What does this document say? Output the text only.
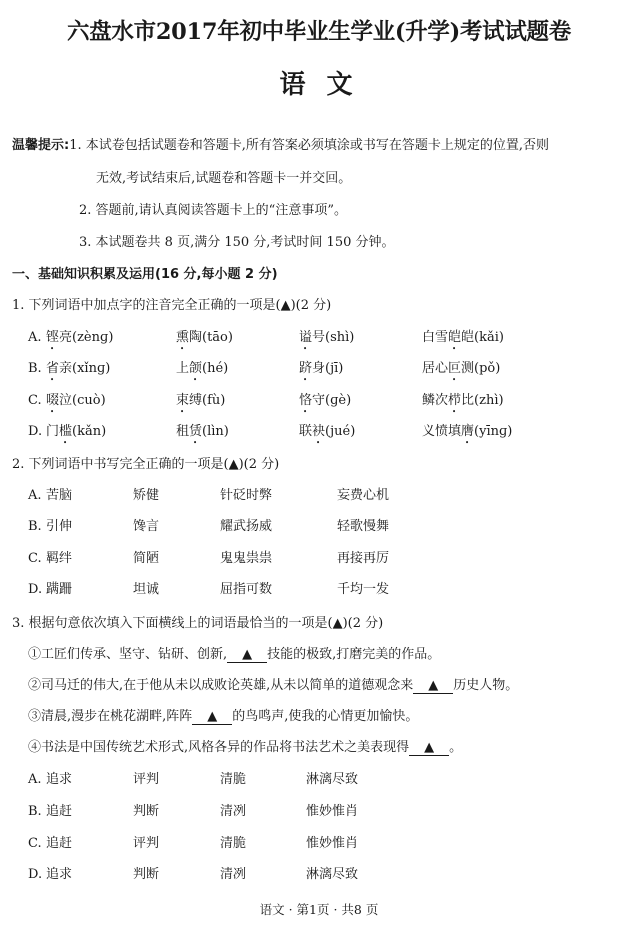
六盘水市2017年初中毕业生学业(升学)考试试题卷
语 文
温馨提示:1. 本试卷包括试题卷和答题卡,所有答案必须填涂或书写在答题卡上规定的位置,否则
无效,考试结束后,试题卷和答题卡一并交回。
2. 答题前,请认真阅读答题卡上的“注意事项”。
3. 本试题卷共 8 页,满分 150 分,考试时间 150 分钟。
一、基础知识积累及运用(16 分,每小题 2 分)
1. 下列词语中加点字的注音完全正确的一项是(▲)(2 分)
A. 铿亮(zènɡ)	熏陶(tāo)	谥号(shì)	白雪皑皑(kǎi)
B. 省亲(xǐnɡ)	上颌(hé)	跻身(jī)	居心叵测(pǒ)
C. 啜泣(cuò)	束缚(fù)	恪守(ɡè)	鳞次栉比(zhì)
D. 门槛(kǎn)	租赁(lìn)	联袂(jué)	义愤填膺(yīnɡ)
2. 下列词语中书写完全正确的一项是(▲)(2 分)
A. 苦脑	矫健	针砭时弊	妄费心机
B. 引伸	馋言	耀武扬威	轻歌慢舞
C. 羁绊	简陋	鬼鬼祟祟	再接再厉
D. 蹒跚	坦诚	屈指可数	千均一发
3. 根据句意依次填入下面横线上的词语最恰当的一项是(▲)(2 分)
①工匠们传承、坚守、钻研、创新, ▲ 技能的极致,打磨完美的作品。
②司马迁的伟大,在于他从未以成败论英雄,从未以简单的道德观念来 ▲ 历史人物。
③清晨,漫步在桃花湖畔,阵阵 ▲ 的鸟鸣声,使我的心情更加愉快。
④书法是中国传统艺术形式,风格各异的作品将书法艺术之美表现得 ▲ 。
A. 追求	评判	清脆	淋漓尽致
B. 追赶	判断	清冽	惟妙惟肖
C. 追赶	评判	清脆	惟妙惟肖
D. 追求	判断	清冽	淋漓尽致
语文 · 第1页 · 共8 页
